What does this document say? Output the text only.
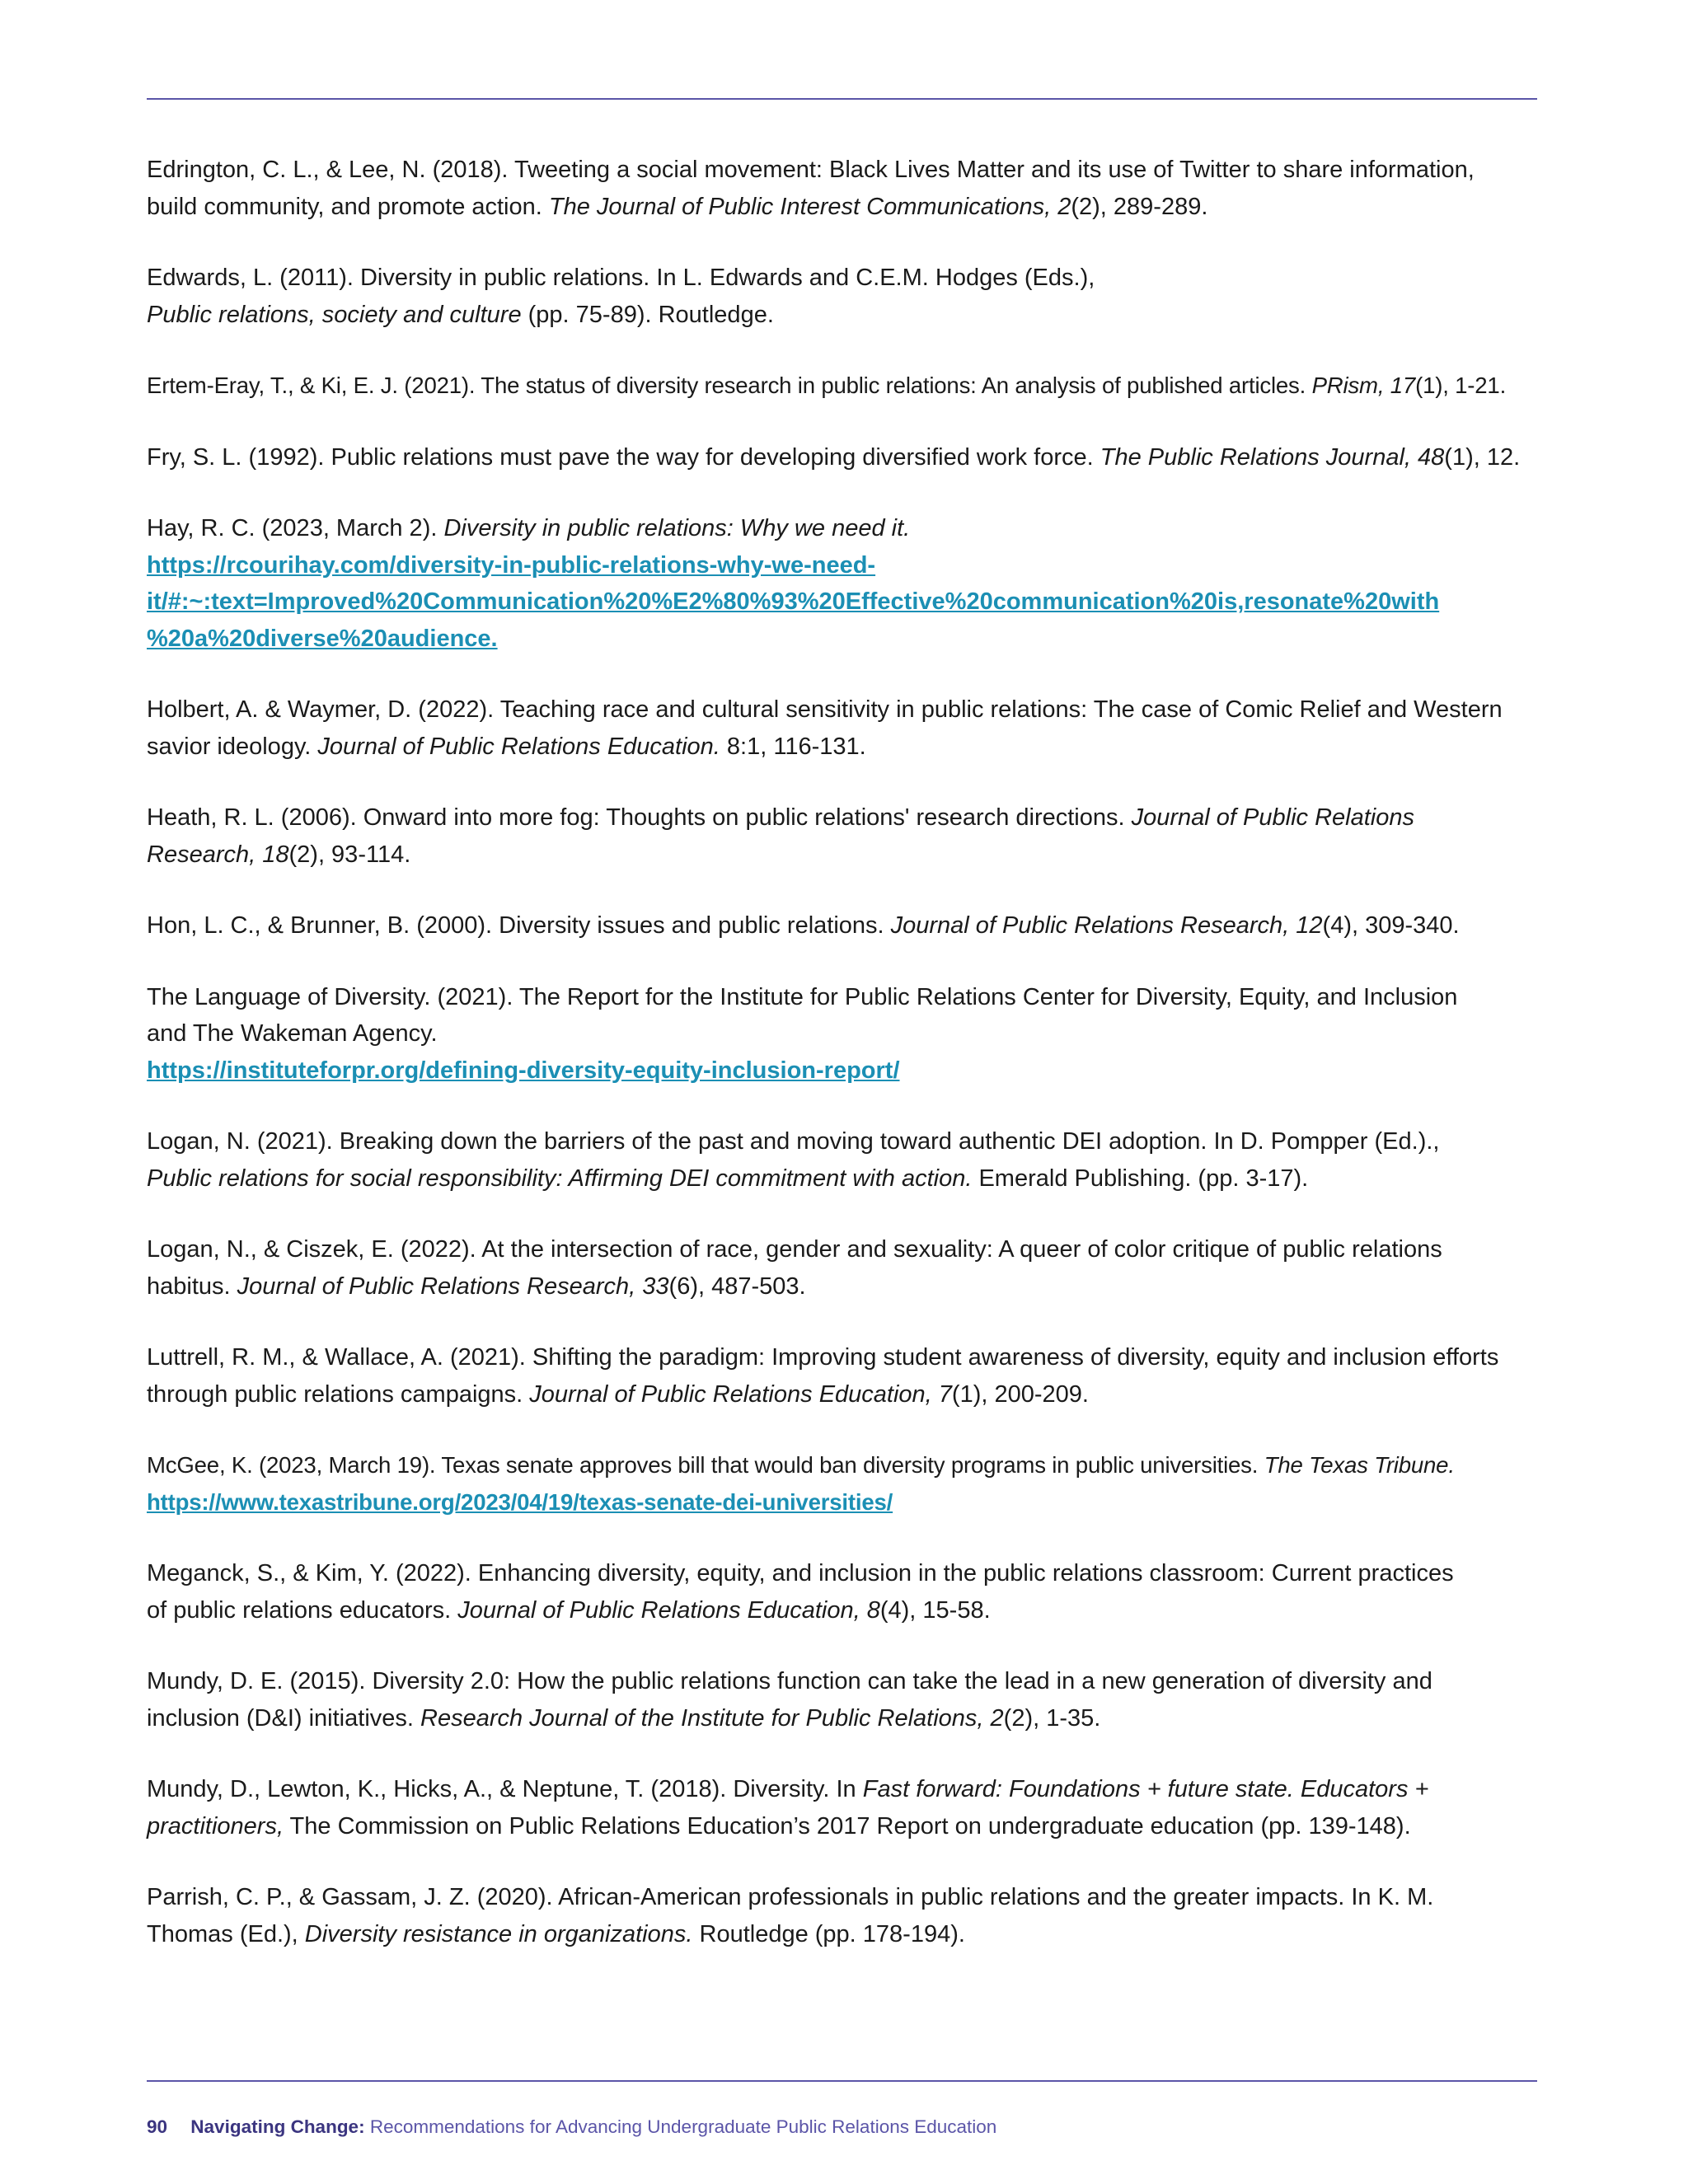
Edrington, C. L., & Lee, N. (2018). Tweeting a social movement: Black Lives Matter and its use of Twitter to share information,
build community, and promote action. The Journal of Public Interest Communications, 2(2), 289-289.
Edwards, L. (2011). Diversity in public relations. In L. Edwards and C.E.M. Hodges (Eds.),
Public relations, society and culture (pp. 75-89). Routledge.
Ertem-Eray, T., & Ki, E. J. (2021). The status of diversity research in public relations: An analysis of published articles. PRism, 17(1), 1-21.
Fry, S. L. (1992). Public relations must pave the way for developing diversified work force. The Public Relations Journal, 48(1), 12.
Hay, R. C. (2023, March 2). Diversity in public relations: Why we need it.
https://rcourihay.com/diversity-in-public-relations-why-we-need-
it/#:~:text=Improved%20Communication%20%E2%80%93%20Effective%20communication%20is,resonate%20with
%20a%20diverse%20audience.
Holbert, A. & Waymer, D. (2022). Teaching race and cultural sensitivity in public relations: The case of Comic Relief and Western
savior ideology. Journal of Public Relations Education. 8:1, 116-131.
Heath, R. L. (2006). Onward into more fog: Thoughts on public relations' research directions. Journal of Public Relations
Research, 18(2), 93-114.
Hon, L. C., & Brunner, B. (2000). Diversity issues and public relations. Journal of Public Relations Research, 12(4), 309-340.
The Language of Diversity. (2021). The Report for the Institute for Public Relations Center for Diversity, Equity, and Inclusion
and The Wakeman Agency.
https://instituteforpr.org/defining-diversity-equity-inclusion-report/
Logan, N. (2021). Breaking down the barriers of the past and moving toward authentic DEI adoption. In D. Pompper (Ed.).,
Public relations for social responsibility: Affirming DEI commitment with action. Emerald Publishing. (pp. 3-17).
Logan, N., & Ciszek, E. (2022). At the intersection of race, gender and sexuality: A queer of color critique of public relations
habitus. Journal of Public Relations Research, 33(6), 487-503.
Luttrell, R. M., & Wallace, A. (2021). Shifting the paradigm: Improving student awareness of diversity, equity and inclusion efforts
through public relations campaigns. Journal of Public Relations Education, 7(1), 200-209.
McGee, K. (2023, March 19). Texas senate approves bill that would ban diversity programs in public universities. The Texas Tribune.
https://www.texastribune.org/2023/04/19/texas-senate-dei-universities/
Meganck, S., & Kim, Y. (2022). Enhancing diversity, equity, and inclusion in the public relations classroom: Current practices
of public relations educators. Journal of Public Relations Education, 8(4), 15-58.
Mundy, D. E. (2015). Diversity 2.0: How the public relations function can take the lead in a new generation of diversity and
inclusion (D&I) initiatives. Research Journal of the Institute for Public Relations, 2(2), 1-35.
Mundy, D., Lewton, K., Hicks, A., & Neptune, T. (2018). Diversity. In Fast forward: Foundations + future state. Educators +
practitioners, The Commission on Public Relations Education’s 2017 Report on undergraduate education (pp. 139-148).
Parrish, C. P., & Gassam, J. Z. (2020). African-American professionals in public relations and the greater impacts. In K. M.
Thomas (Ed.), Diversity resistance in organizations. Routledge (pp. 178-194).
90 Navigating Change: Recommendations for Advancing Undergraduate Public Relations Education
